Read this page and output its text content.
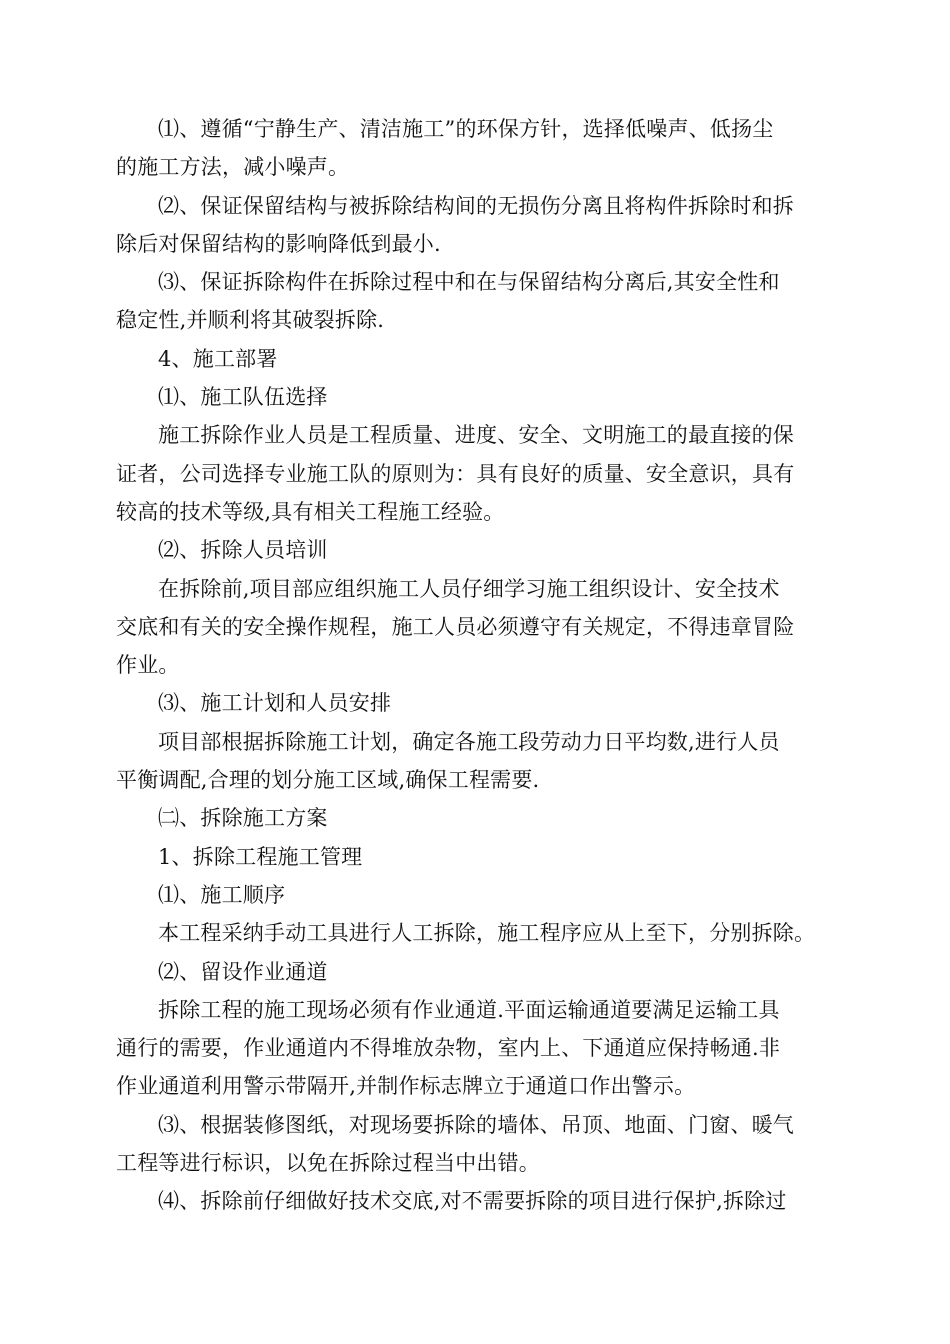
⑴、遵循“宁静生产、清洁施工”的环保方针，选择低噪声、低扬尘
的施工方法，减小噪声。

⑵、保证保留结构与被拆除结构间的无损伤分离且将构件拆除时和拆
除后对保留结构的影响降低到最小.

⑶、保证拆除构件在拆除过程中和在与保留结构分离后,其安全性和
稳定性,并顺利将其破裂拆除.

4、施工部署

⑴、施工队伍选择

施工拆除作业人员是工程质量、进度、安全、文明施工的最直接的保
证者，公司选择专业施工队的原则为：具有良好的质量、安全意识，具有
较高的技术等级,具有相关工程施工经验。

⑵、拆除人员培训

在拆除前,项目部应组织施工人员仔细学习施工组织设计、安全技术
交底和有关的安全操作规程，施工人员必须遵守有关规定，不得违章冒险
作业。

⑶、施工计划和人员安排

项目部根据拆除施工计划，确定各施工段劳动力日平均数,进行人员
平衡调配,合理的划分施工区域,确保工程需要.

㈡、拆除施工方案

1、拆除工程施工管理

⑴、施工顺序

本工程采纳手动工具进行人工拆除，施工程序应从上至下，分别拆除。

⑵、留设作业通道

拆除工程的施工现场必须有作业通道.平面运输通道要满足运输工具
通行的需要，作业通道内不得堆放杂物，室内上、下通道应保持畅通.非
作业通道利用警示带隔开,并制作标志牌立于通道口作出警示。

⑶、根据装修图纸，对现场要拆除的墙体、吊顶、地面、门窗、暖气
工程等进行标识，以免在拆除过程当中出错。

⑷、拆除前仔细做好技术交底,对不需要拆除的项目进行保护,拆除过
